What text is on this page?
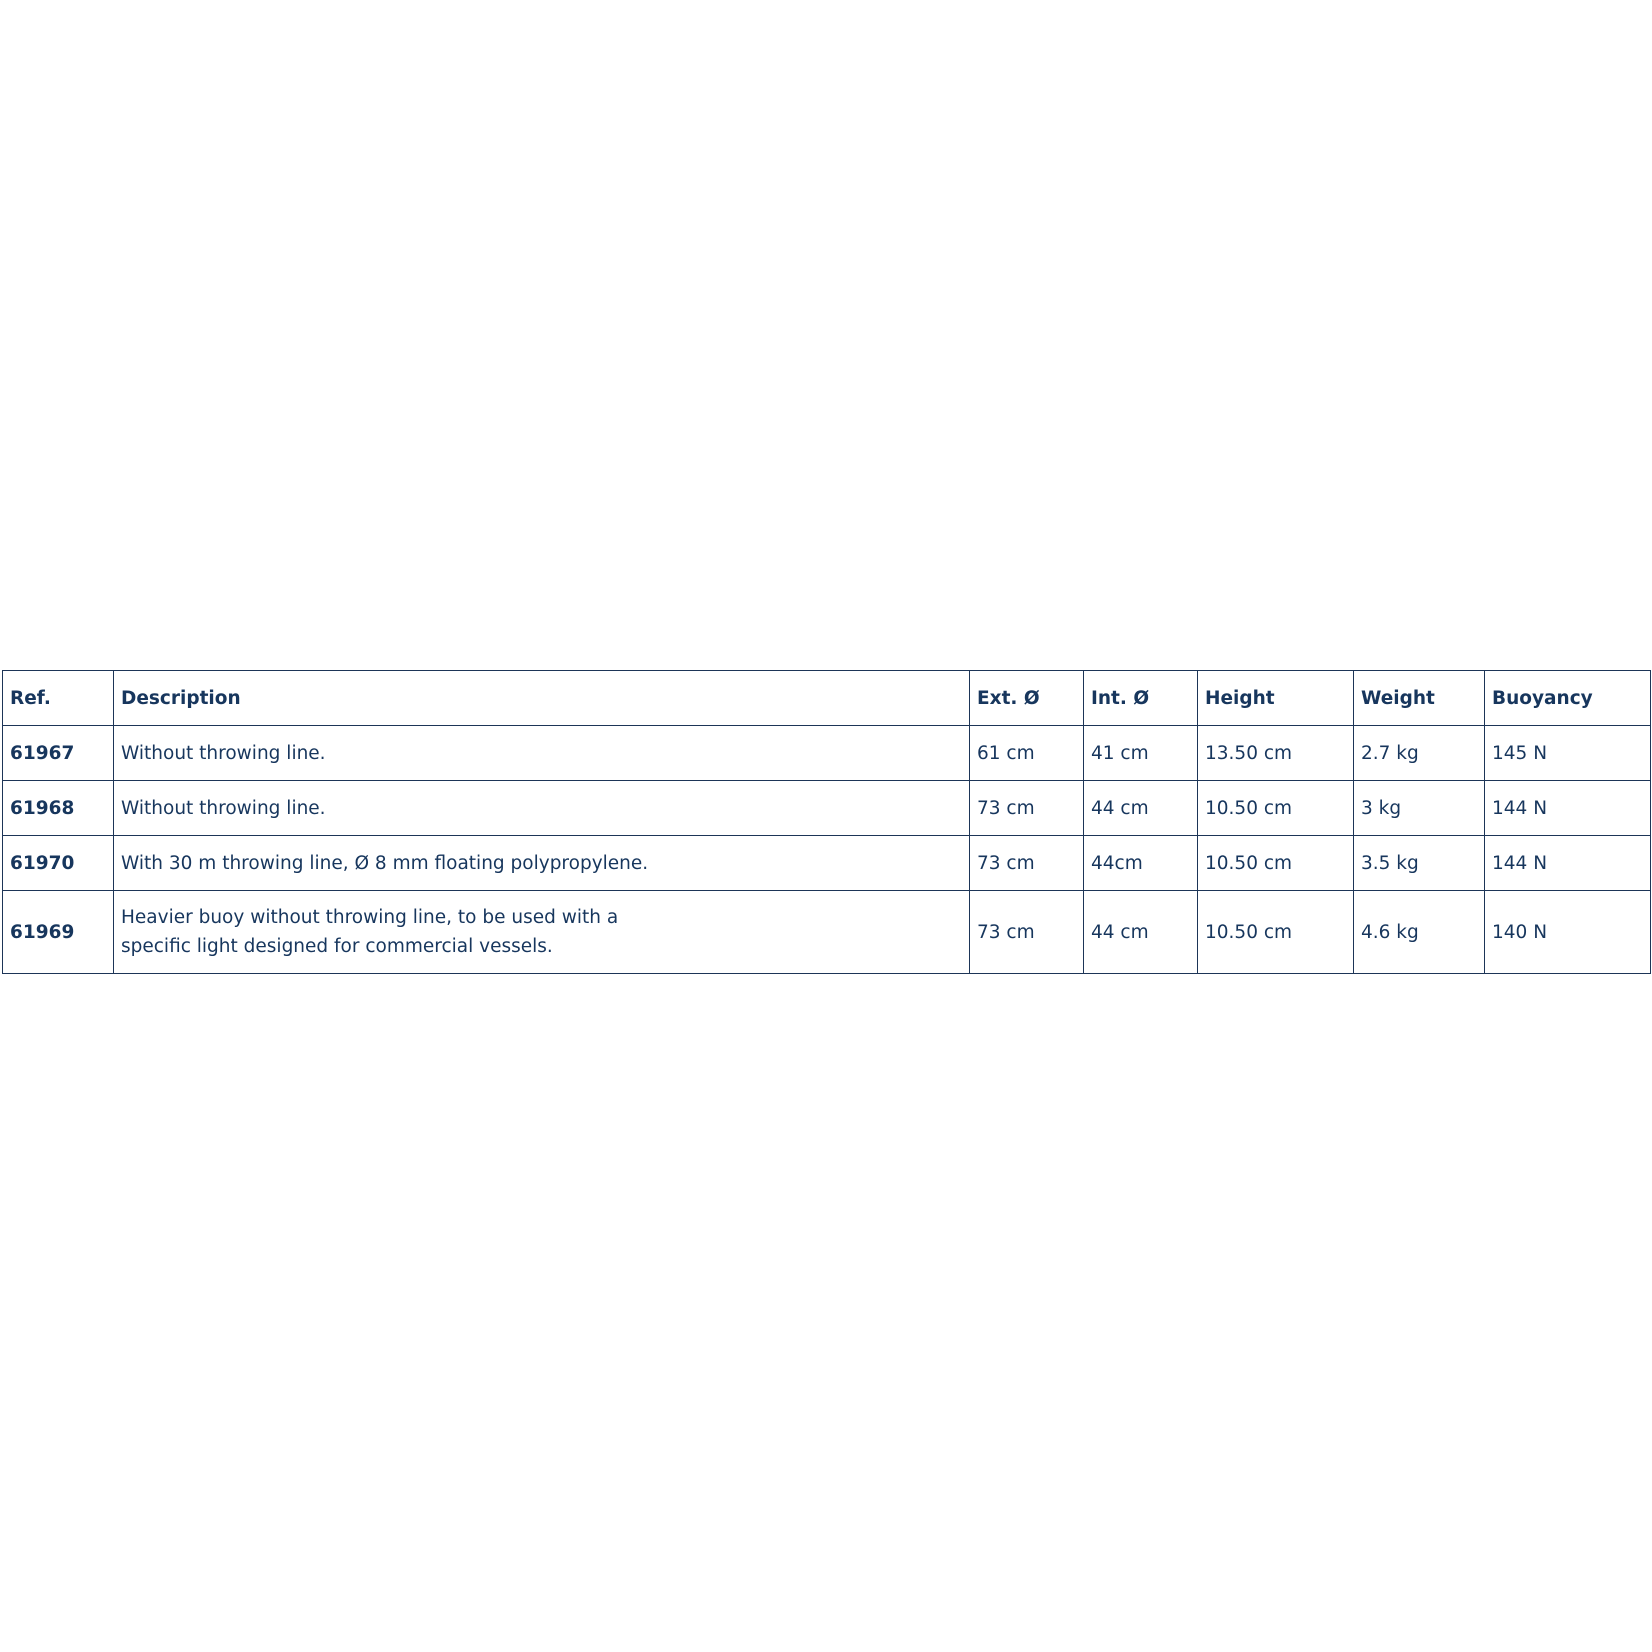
Ref.	Description	Ext. Ø	Int. Ø	Height	Weight	Buoyancy
61967	Without throwing line.	61 cm	41 cm	13.50 cm	2.7 kg	145 N
61968	Without throwing line.	73 cm	44 cm	10.50 cm	3 kg	144 N
61970	With 30 m throwing line, Ø 8 mm floating polypropylene.	73 cm	44cm	10.50 cm	3.5 kg	144 N
61969	Heavier buoy without throwing line, to be used with a specific light designed for commercial vessels.	73 cm	44 cm	10.50 cm	4.6 kg	140 N
